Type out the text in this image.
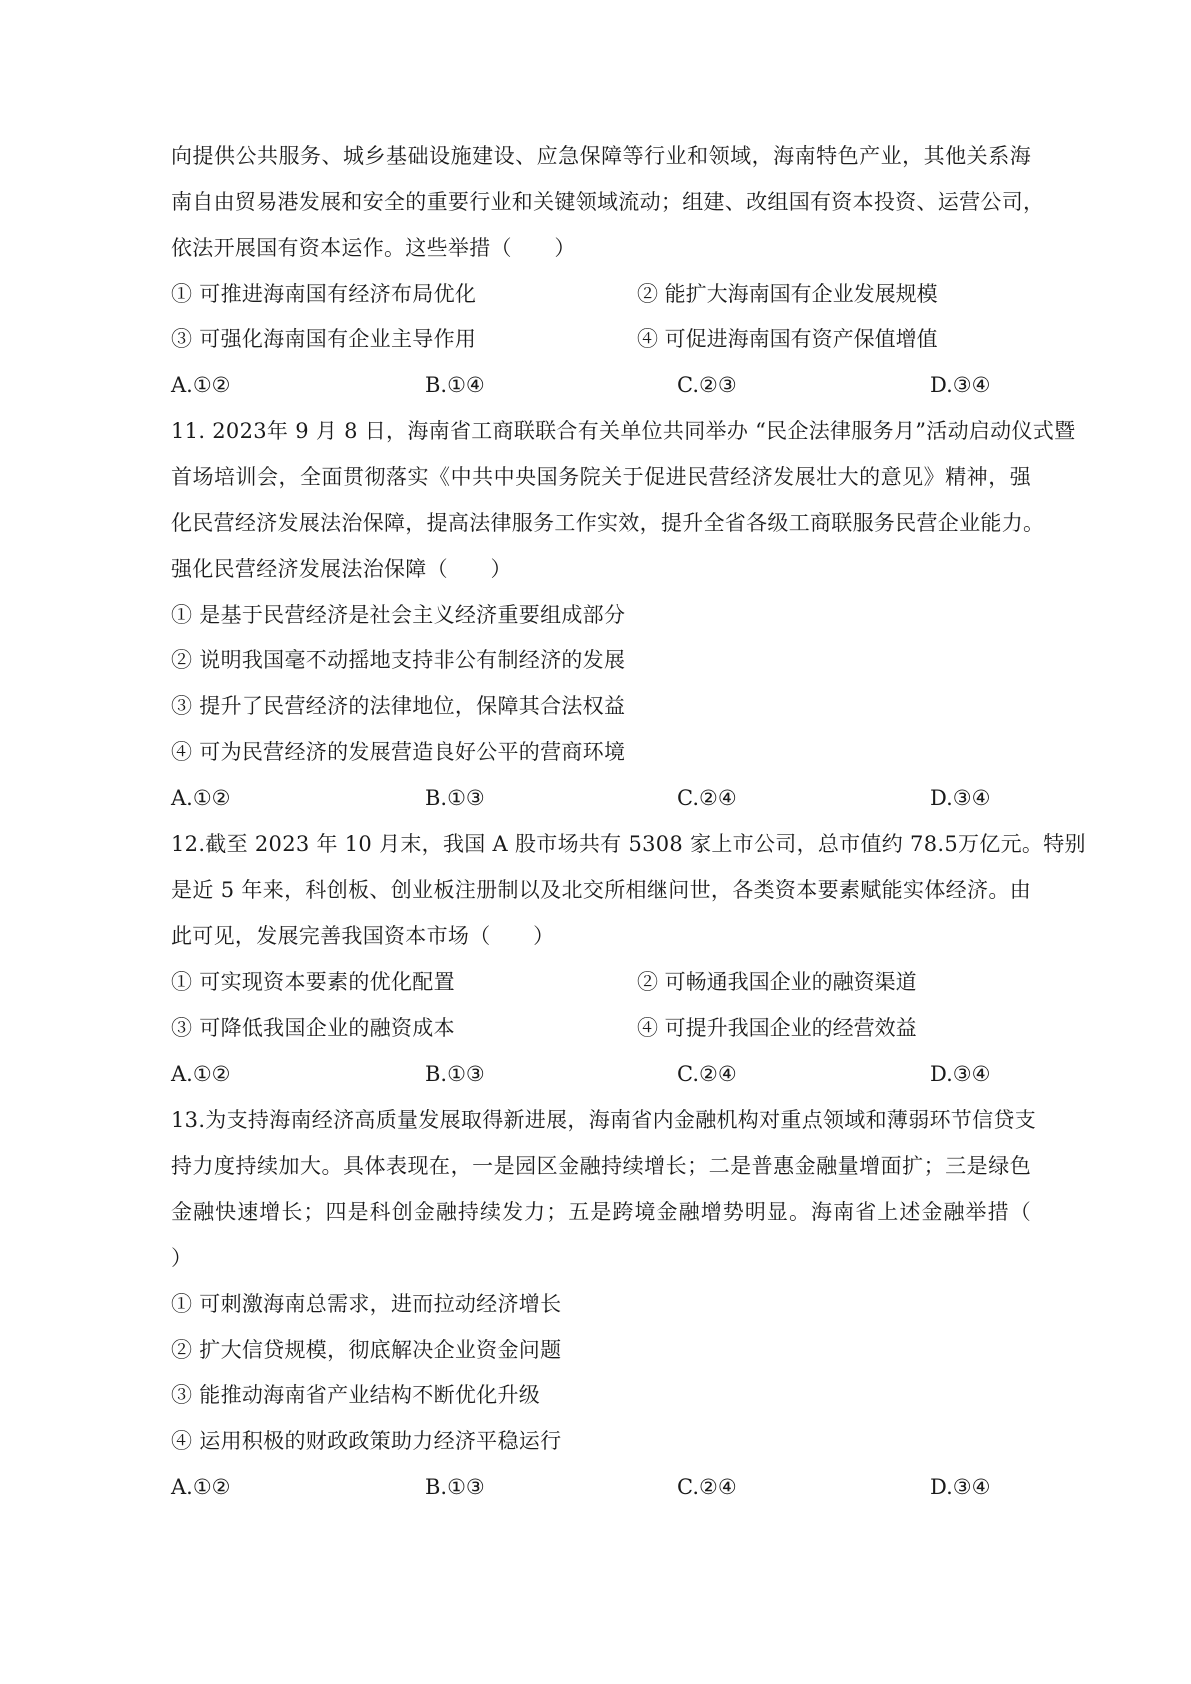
向提供公共服务、城乡基础设施建设、应急保障等行业和领域，海南特色产业，其他关系海
南自由贸易港发展和安全的重要行业和关键领域流动；组建、改组国有资本投资、运营公司，
依法开展国有资本运作。这些举措（　　）
① 可推进海南国有经济布局优化	② 能扩大海南国有企业发展规模
③ 可强化海南国有企业主导作用	④ 可促进海南国有资产保值增值
A.①②	B.①④	C.②③	D.③④
11. 2023年 9 月 8 日，海南省工商联联合有关单位共同举办 “民企法律服务月”活动启动仪式暨
首场培训会，全面贯彻落实《中共中央国务院关于促进民营经济发展壮大的意见》精神，强
化民营经济发展法治保障，提高法律服务工作实效，提升全省各级工商联服务民营企业能力。
强化民营经济发展法治保障（　　）
① 是基于民营经济是社会主义经济重要组成部分
② 说明我国毫不动摇地支持非公有制经济的发展
③ 提升了民营经济的法律地位，保障其合法权益
④ 可为民营经济的发展营造良好公平的营商环境
A.①②	B.①③	C.②④	D.③④
12.截至 2023 年 10 月末，我国 A 股市场共有 5308 家上市公司，总市值约 78.5万亿元。特别
是近 5 年来，科创板、创业板注册制以及北交所相继问世，各类资本要素赋能实体经济。由
此可见，发展完善我国资本市场（　　）
① 可实现资本要素的优化配置	② 可畅通我国企业的融资渠道
③ 可降低我国企业的融资成本	④ 可提升我国企业的经营效益
A.①②	B.①③	C.②④	D.③④
13.为支持海南经济高质量发展取得新进展，海南省内金融机构对重点领域和薄弱环节信贷支
持力度持续加大。具体表现在，一是园区金融持续增长；二是普惠金融量增面扩；三是绿色
金融快速增长；四是科创金融持续发力；五是跨境金融增势明显。海南省上述金融举措（
）
① 可刺激海南总需求，进而拉动经济增长
② 扩大信贷规模，彻底解决企业资金问题
③ 能推动海南省产业结构不断优化升级
④ 运用积极的财政政策助力经济平稳运行
A.①②	B.①③	C.②④	D.③④
